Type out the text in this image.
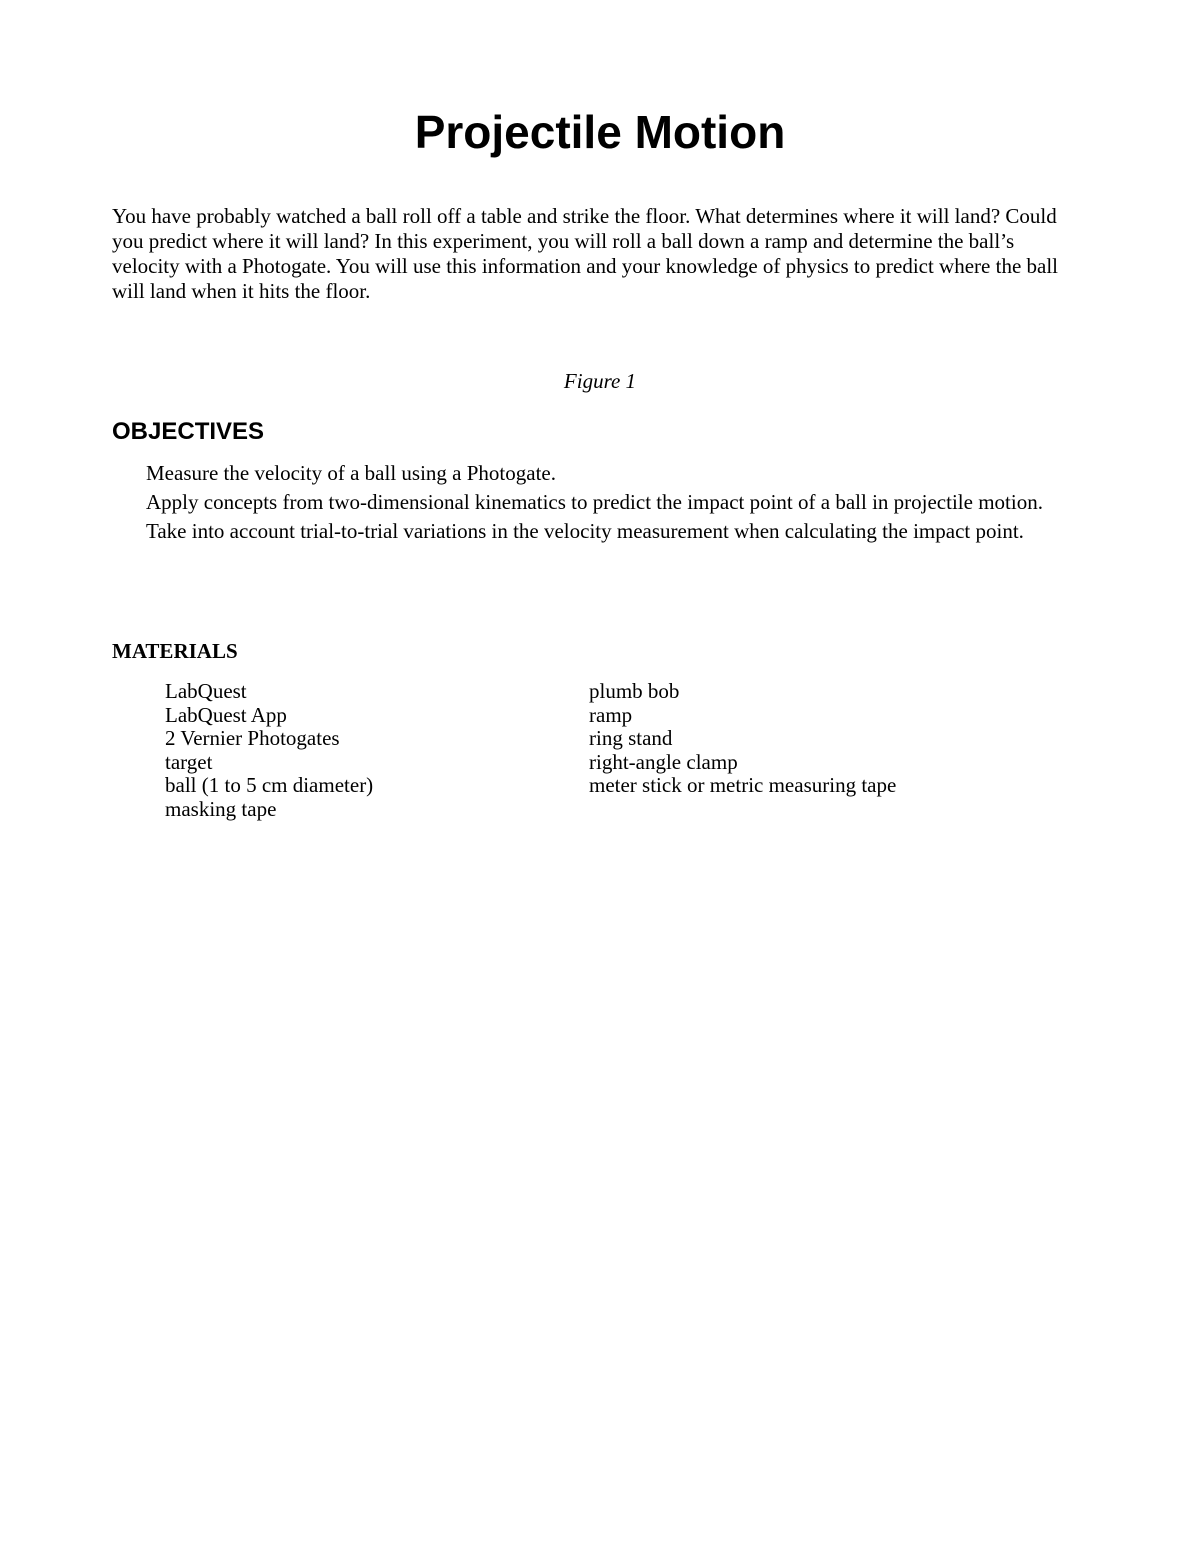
Projectile Motion

You have probably watched a ball roll off a table and strike the floor. What determines where it will land? Could you predict where it will land? In this experiment, you will roll a ball down a ramp and determine the ball’s velocity with a Photogate. You will use this information and your knowledge of physics to predict where the ball will land when it hits the floor.

Figure 1

OBJECTIVES
Measure the velocity of a ball using a Photogate.
Apply concepts from two-dimensional kinematics to predict the impact point of a ball in projectile motion.
Take into account trial-to-trial variations in the velocity measurement when calculating the impact point.
MATERIALS
LabQuest
LabQuest App
2 Vernier Photogates
target
ball (1 to 5 cm diameter)
masking tape
plumb bob
ramp
ring stand
right-angle clamp
meter stick or metric measuring tape
